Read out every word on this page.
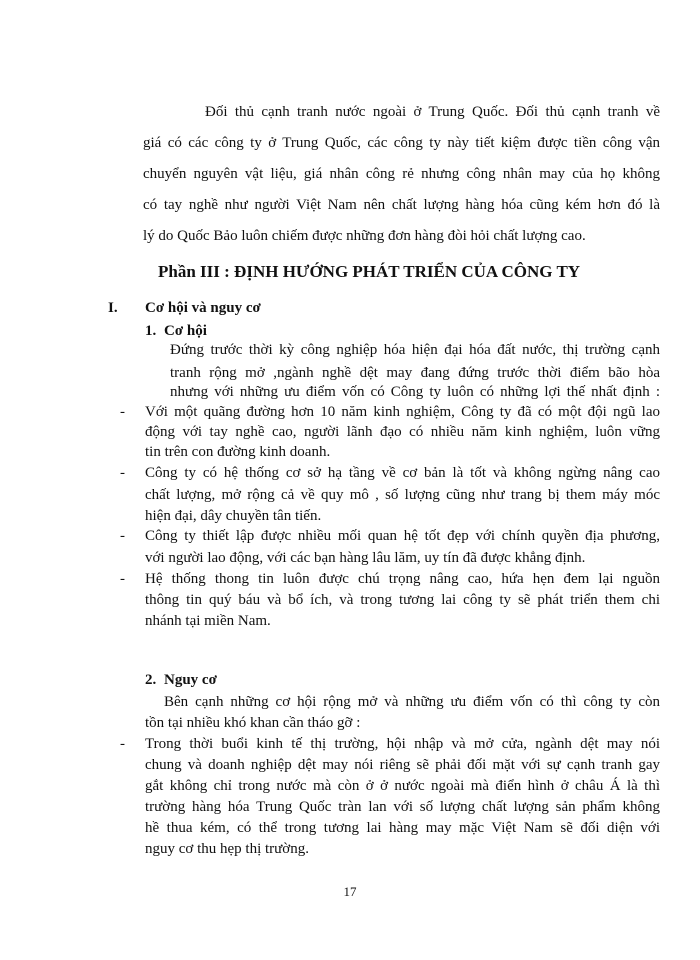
Đối thủ cạnh tranh nước ngoài ở Trung Quốc. Đối thủ cạnh tranh về
giá có các công ty ở Trung Quốc, các công ty này tiết kiệm được tiền công vận
chuyển nguyên vật liệu, giá nhân công rẻ nhưng công nhân may của họ không
có tay nghề như người Việt Nam nên chất lượng hàng hóa cũng kém hơn đó là
lý do Quốc Bảo luôn chiếm được những đơn hàng đòi hỏi chất lượng cao.
Phần III : ĐỊNH HƯỚNG PHÁT TRIỂN CỦA CÔNG TY
I. Cơ hội và nguy cơ
1. Cơ hội
Đứng trước thời kỳ công nghiệp hóa hiện đại hóa đất nước, thị trường cạnh
tranh rộng mở ,ngành nghề dệt may đang đứng trước thời điểm bão hòa
nhưng với những ưu điểm vốn có Công ty luôn có những lợi thế nhất định :
- Với một quãng đường hơn 10 năm kinh nghiệm, Công ty đã có một đội ngũ lao
động với tay nghề cao, người lãnh đạo có nhiều năm kinh nghiệm, luôn vững
tin trên con đường kinh doanh.
- Công ty có hệ thống cơ sở hạ tầng về cơ bản là tốt và không ngừng nâng cao
chất lượng, mở rộng cả về quy mô , số lượng cũng như trang bị them máy móc
hiện đại, dây chuyền tân tiến.
- Công ty thiết lập được nhiều mối quan hệ tốt đẹp với chính quyền địa phương,
với người lao động, với các bạn hàng lâu lăm, uy tín đã được khẳng định.
- Hệ thống thong tin luôn được chú trọng nâng cao, hứa hẹn đem lại nguồn
thông tin quý báu và bổ ích, và trong tương lai công ty sẽ phát triển them chi
nhánh tại miền Nam.
2. Nguy cơ
Bên cạnh những cơ hội rộng mở và những ưu điểm vốn có thì công ty còn
tồn tại nhiều khó khan cần tháo gỡ :
- Trong thời buổi kinh tế thị trường, hội nhập và mở cửa, ngành dệt may nói
chung và doanh nghiệp dệt may nói riêng sẽ phải đối mặt với sự cạnh tranh gay
gắt không chỉ trong nước mà còn ở ở nước ngoài mà điển hình ở châu Á là thì
trường hàng hóa Trung Quốc tràn lan với số lượng chất lượng sản phẩm không
hề thua kém, có thể trong tương lai hàng may mặc Việt Nam sẽ đối diện với
nguy cơ thu hẹp thị trường.
17
